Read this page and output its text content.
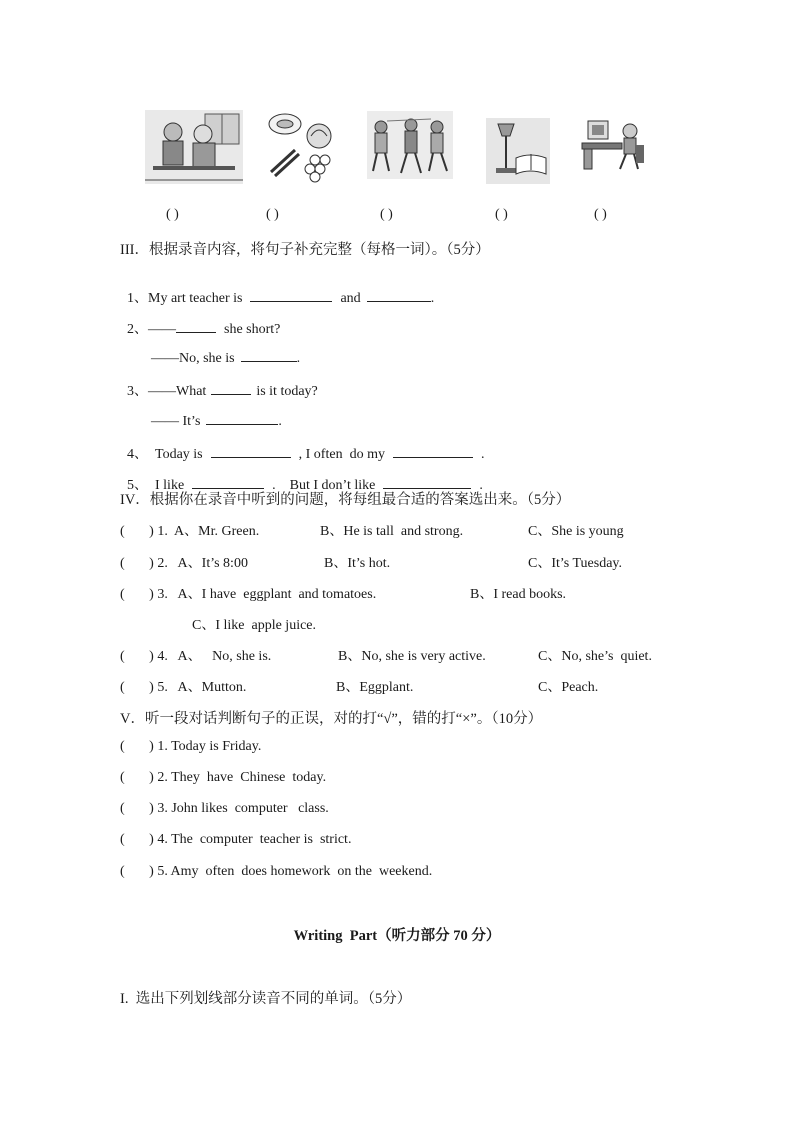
( )	( )	( )	( )	( )
III．根据录音内容，将句子补充完整（每格一词）。（5分）

1、My art teacher is	and	.

2、——	she short?

——No, she is	.

3、——What	is it today?

—— It’s	.

4、  Today is	, I often  do my	.

5、  I like	.    But I don’t like	.

IV．根据你在录音中听到的问题，将每组最合适的答案选出来。（5分）
(       ) 1.  A、Mr. Green.	B、He is tall  and strong.	C、She is young
(       ) 2.   A、It’s 8:00	B、It’s hot.	C、It’s Tuesday.
(       ) 3.   A、I have  eggplant  and tomatoes.	B、I read books.
C、I like  apple juice.
(       ) 4.   A、   No, she is.	B、No, she is very active.	C、No, she’s  quiet.
(       ) 5.   A、Mutton.	B、Eggplant.	C、Peach.
V．听一段对话判断句子的正误，对的打“√”，错的打“×”。（10分）
(       ) 1. Today is Friday.
(       ) 2. They  have  Chinese  today.
(       ) 3. John likes  computer   class.
(       ) 4. The  computer  teacher is  strict.
(       ) 5. Amy  often  does homework  on the  weekend.
Writing  Part（听力部分 70 分）
I.  选出下列划线部分读音不同的单词。（5分）
